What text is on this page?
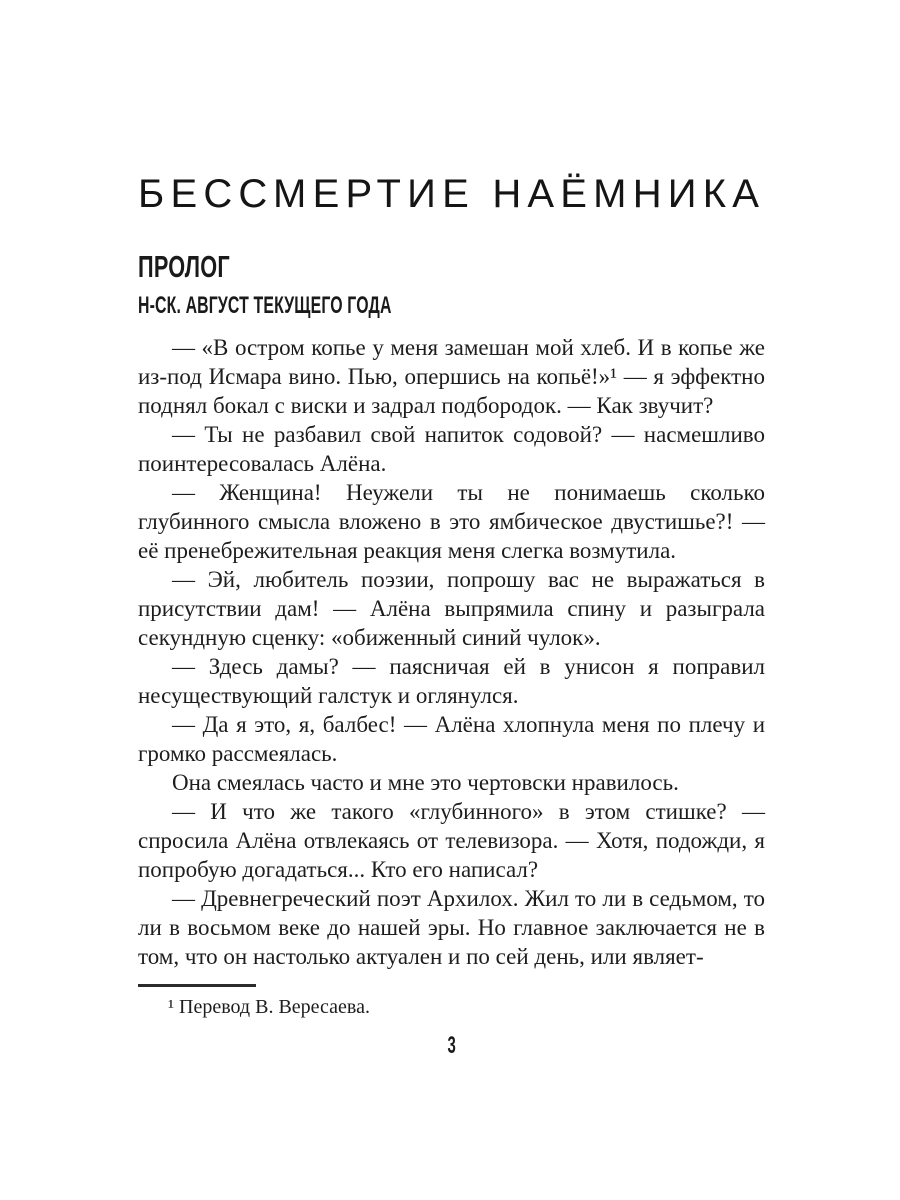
БЕССМЕРТИЕ НАЁМНИКА
ПРОЛОГ
Н-СК. АВГУСТ ТЕКУЩЕГО ГОДА

— «В остром копье у меня замешан мой хлеб. И в копье же из-под Исмара вино. Пью, опершись на копьё!»¹ — я эффектно поднял бокал с виски и задрал подбородок. — Как звучит?

— Ты не разбавил свой напиток содовой? — насмешливо поинтересовалась Алёна.

— Женщина! Неужели ты не понимаешь сколько глубинного смысла вложено в это ямбическое двустишье?! — её пренебрежительная реакция меня слегка возмутила.

— Эй, любитель поэзии, попрошу вас не выражаться в присутствии дам! — Алёна выпрямила спину и разыграла секундную сценку: «обиженный синий чулок».

— Здесь дамы? — паясничая ей в унисон я поправил несуществующий галстук и оглянулся.

— Да я это, я, балбес! — Алёна хлопнула меня по плечу и громко рассмеялась.

Она смеялась часто и мне это чертовски нравилось.

— И что же такого «глубинного» в этом стишке? — спросила Алёна отвлекаясь от телевизора. — Хотя, подожди, я попробую догадаться... Кто его написал?

— Древнегреческий поэт Архилох. Жил то ли в седьмом, то ли в восьмом веке до нашей эры. Но главное заключается не в том, что он настолько актуален и по сей день, или являет-

¹ Перевод В. Вересаева.

3
